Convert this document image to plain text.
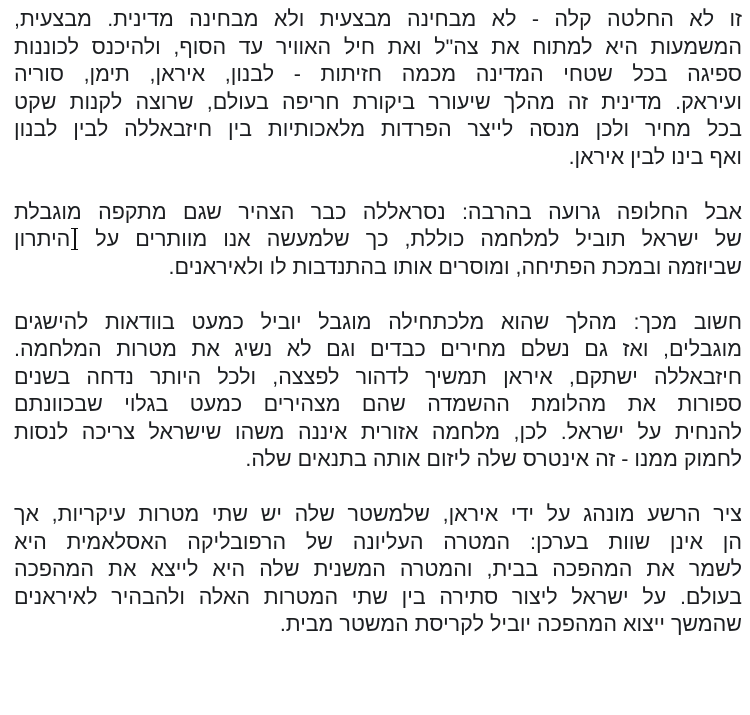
זו לא החלטה קלה - לא מבחינה מבצעית ולא מבחינה מדינית. מבצעית,
המשמעות היא למתוח את צה"ל ואת חיל האוויר עד הסוף, ולהיכנס לכוננות
ספיגה בכל שטחי המדינה מכמה חזיתות - לבנון, איראן, תימן, סוריה
ועיראק. מדינית זה מהלך שיעורר ביקורת חריפה בעולם, שרוצה לקנות שקט
בכל מחיר ולכן מנסה לייצר הפרדות מלאכותיות בין חיזבאללה לבין לבנון
ואף בינו לבין איראן.

אבל החלופה גרועה בהרבה: נסראללה כבר הצהיר שגם מתקפה מוגבלת
של ישראל תוביל למלחמה כוללת, כך שלמעשה אנו מוותרים על היתרון
שביוזמה ובמכת הפתיחה, ומוסרים אותו בהתנדבות לו ולאיראנים.

חשוב מכך: מהלך שהוא מלכתחילה מוגבל יוביל כמעט בוודאות להישגים
מוגבלים, ואז גם נשלם מחירים כבדים וגם לא נשיג את מטרות המלחמה.
חיזבאללה ישתקם, איראן תמשיך לדהור לפצצה, ולכל היותר נדחה בשנים
ספורות את מהלומת ההשמדה שהם מצהירים כמעט בגלוי שבכוונתם
להנחית על ישראל. לכן, מלחמה אזורית איננה משהו שישראל צריכה לנסות
לחמוק ממנו - זה אינטרס שלה ליזום אותה בתנאים שלה.

ציר הרשע מונהג על ידי איראן, שלמשטר שלה יש שתי מטרות עיקריות, אך
הן אינן שוות בערכן: המטרה העליונה של הרפובליקה האסלאמית היא
לשמר את המהפכה בבית, והמטרה המשנית שלה היא לייצא את המהפכה
בעולם. על ישראל ליצור סתירה בין שתי המטרות האלה ולהבהיר לאיראנים
שהמשך ייצוא המהפכה יוביל לקריסת המשטר מבית.
